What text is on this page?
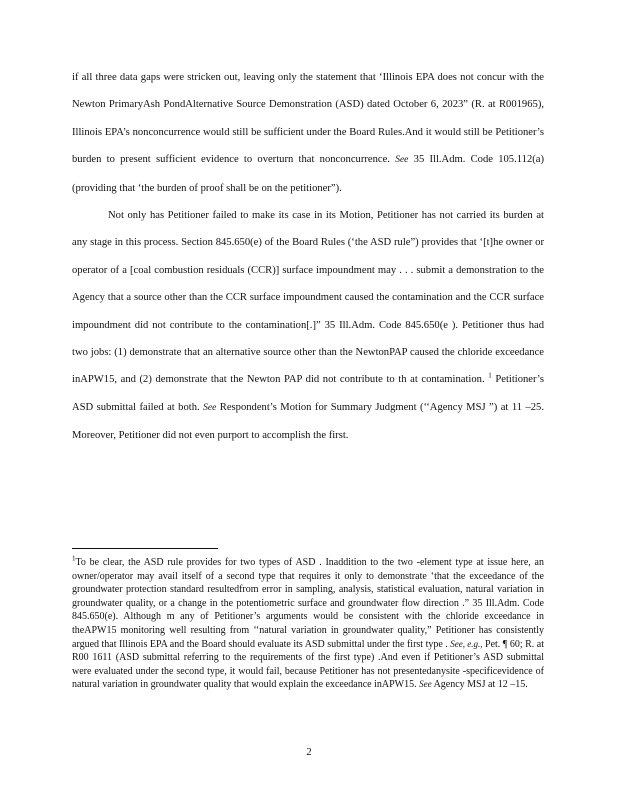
if all three data gaps were stricken out, leaving only the statement that ‘Illinois EPA does not concur with the Newton PrimaryAsh PondAlternative Source Demonstration (ASD) dated October 6, 2023” (R. at R001965), Illinois EPA’s nonconcurrence would still be sufficient under the Board Rules.And it would still be Petitioner’s burden to present sufficient evidence to overturn that nonconcurrence. See 35 Ill.Adm. Code 105.112(a) (providing that ‘the burden of proof shall be on the petitioner”).

Not only has Petitioner failed to make its case in its Motion, Petitioner has not carried its burden at any stage in this process. Section 845.650(e) of the Board Rules (‘the ASD rule”) provides that ‘[t]he owner or operator of a [coal combustion residuals (CCR)] surface impoundment may . . . submit a demonstration to the Agency that a source other than the CCR surface impoundment caused the contamination and the CCR surface impoundment did not contribute to the contamination[.]” 35 Ill.Adm. Code 845.650(e ). Petitioner thus had two jobs: (1) demonstrate that an alternative source other than the NewtonPAP caused the chloride exceedance inAPW15, and (2) demonstrate that the Newton PAP did not contribute to th at contamination. $^1$ Petitioner’s ASD submittal failed at both. See Respondent’s Motion for Summary Judgment (‘‘Agency MSJ ”) at 11 –25. Moreover, Petitioner did not even purport to accomplish the first.

$^1$To be clear, the ASD rule provides for two types of ASD . Inaddition to the two -element type at issue here, an owner/operator may avail itself of a second type that requires it only to demonstrate ‘that the exceedance of the groundwater protection standard resultedfrom error in sampling, analysis, statistical evaluation, natural variation in groundwater quality, or a change in the potentiometric surface and groundwater flow direction .” 35 Ill.Adm. Code 845.650(e). Although m any of Petitioner’s arguments would be consistent with the chloride exceedance in theAPW15 monitoring well resulting from ‘‘natural variation in groundwater quality,” Petitioner has consistently argued that Illinois EPA and the Board should evaluate its ASD submittal under the first type . See, e.g., Pet. ¶ 60; R. at R00 1611 (ASD submittal referring to the requirements of the first type) .And even if Petitioner’s ASD submittal were evaluated under the second type, it would fail, because Petitioner has not presentedanysite -specificevidence of natural variation in groundwater quality that would explain the exceedance inAPW15. See Agency MSJ at 12 –15.

2
